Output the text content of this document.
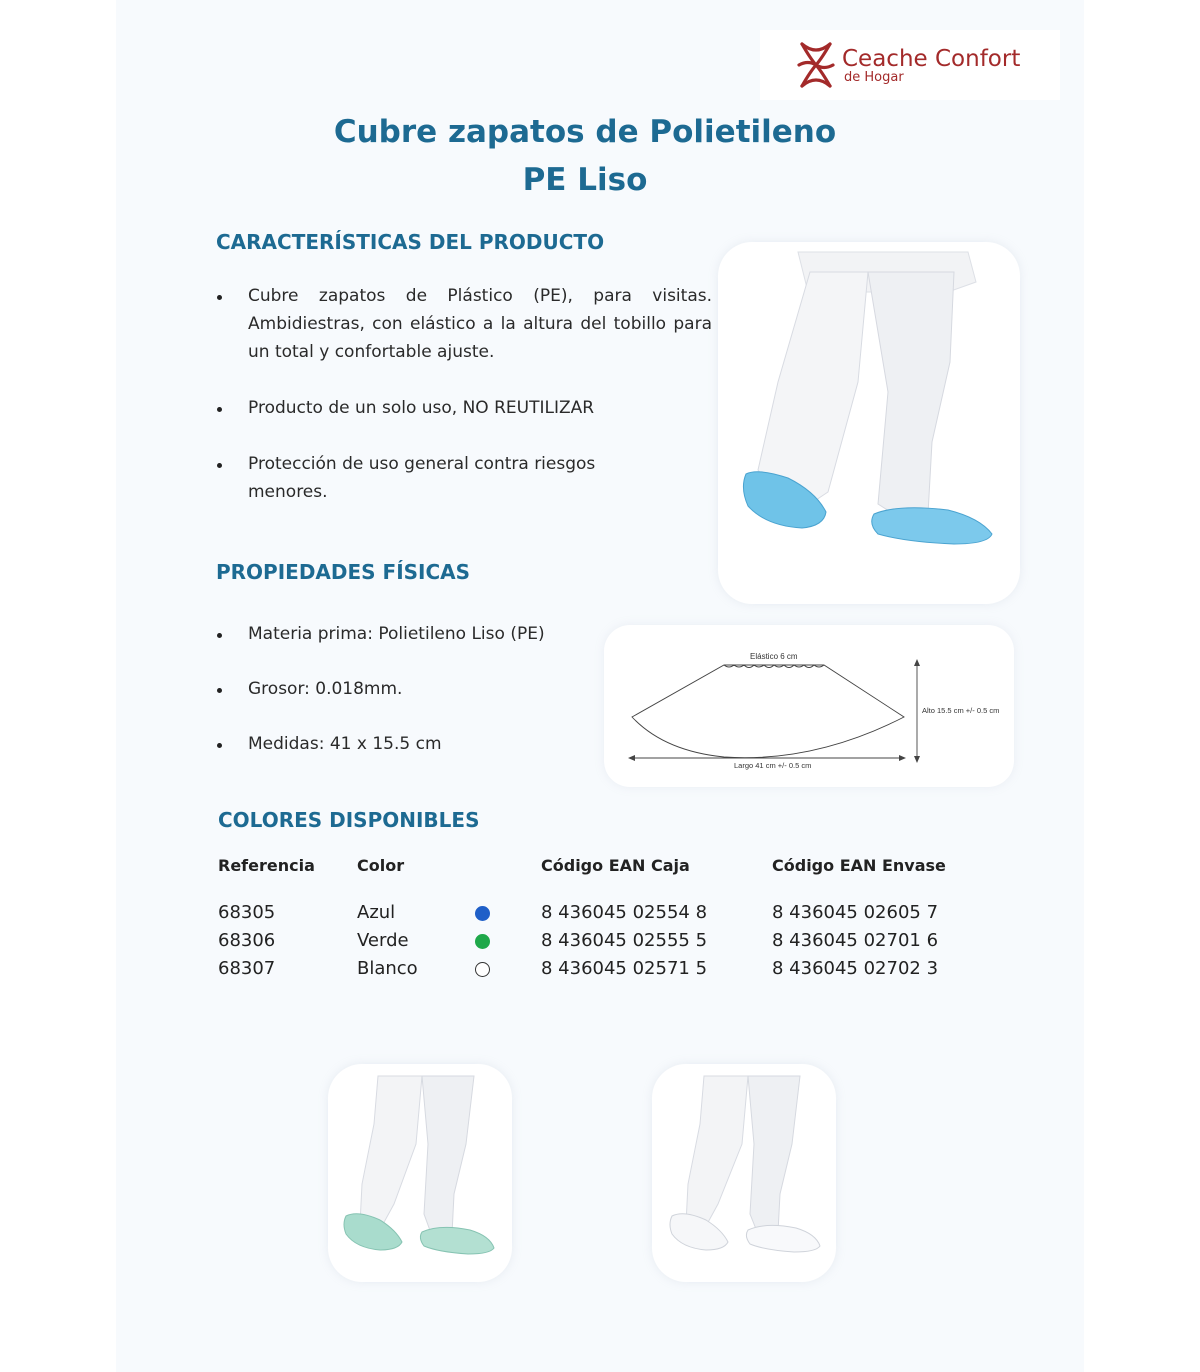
Ceache Confort
de Hogar
Cubre zapatos de Polietileno
PE Liso
CARACTERÍSTICAS DEL PRODUCTO
Cubre zapatos de Plástico (PE), para visitas. Ambidiestras, con elástico a la altura del tobillo para un total y confortable ajuste.
Producto de un solo uso, NO REUTILIZAR
Protección de uso general contra riesgos menores.
PROPIEDADES FÍSICAS
Materia prima: Polietileno Liso (PE)
Grosor: 0.018mm.
Medidas: 41 x 15.5 cm
Elástico 6 cm
Alto 15.5 cm +/- 0.5 cm
Largo 41 cm +/- 0.5 cm
COLORES DISPONIBLES
Referencia	Color	Código EAN Caja	Código EAN Envase
68305	Azul	8 436045 02554 8	8 436045 02605 7
68306	Verde	8 436045 02555 5	8 436045 02701 6
68307	Blanco	8 436045 02571 5	8 436045 02702 3
